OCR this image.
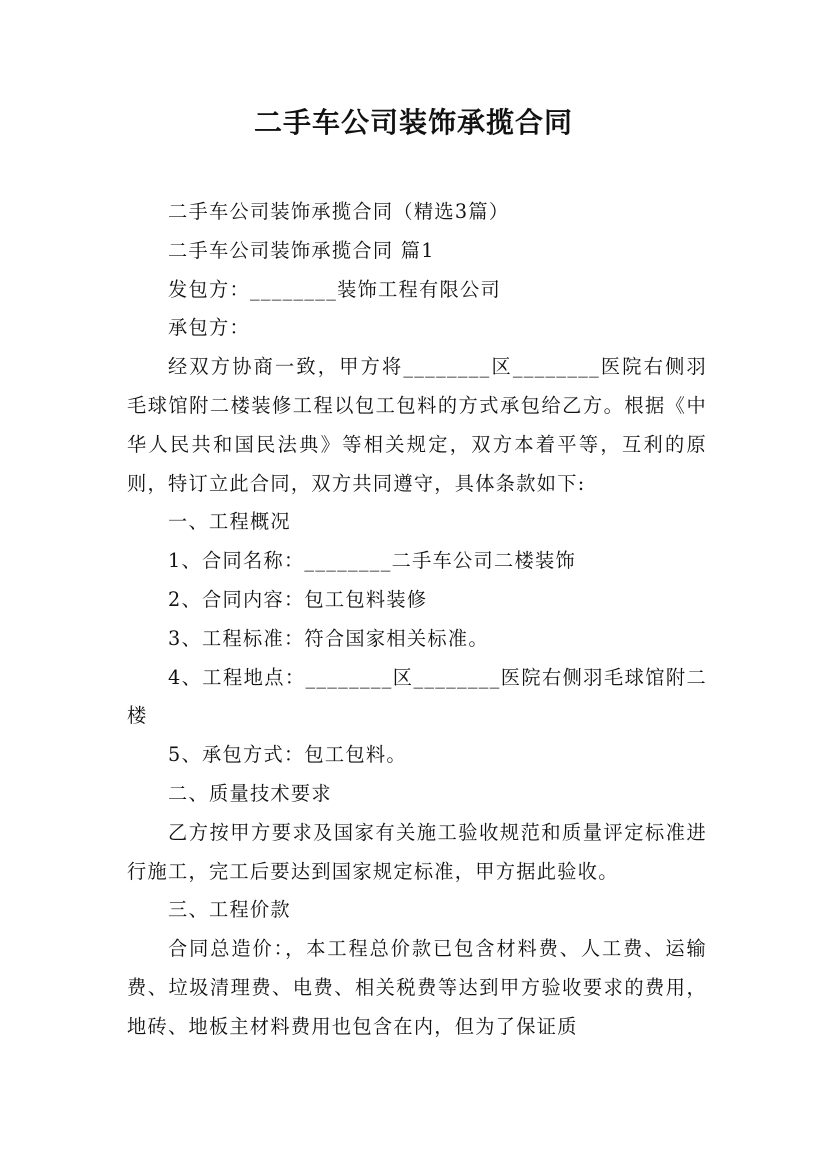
二手车公司装饰承揽合同

二手车公司装饰承揽合同（精选3篇）

二手车公司装饰承揽合同 篇1

发包方：________装饰工程有限公司

承包方：

经双方协商一致，甲方将________区________医院右侧羽毛球馆附二楼装修工程以包工包料的方式承包给乙方。根据《中华人民共和国民法典》等相关规定，双方本着平等，互利的原则，特订立此合同，双方共同遵守，具体条款如下:

一、工程概况

1、合同名称：________二手车公司二楼装饰

2、合同内容：包工包料装修

3、工程标准：符合国家相关标准。

4、工程地点：________区________医院右侧羽毛球馆附二楼

5、承包方式：包工包料。

二、质量技术要求

乙方按甲方要求及国家有关施工验收规范和质量评定标准进行施工，完工后要达到国家规定标准，甲方据此验收。

三、工程价款

合同总造价：，本工程总价款已包含材料费、人工费、运输费、垃圾清理费、电费、相关税费等达到甲方验收要求的费用，地砖、地板主材料费用也包含在内，但为了保证质
